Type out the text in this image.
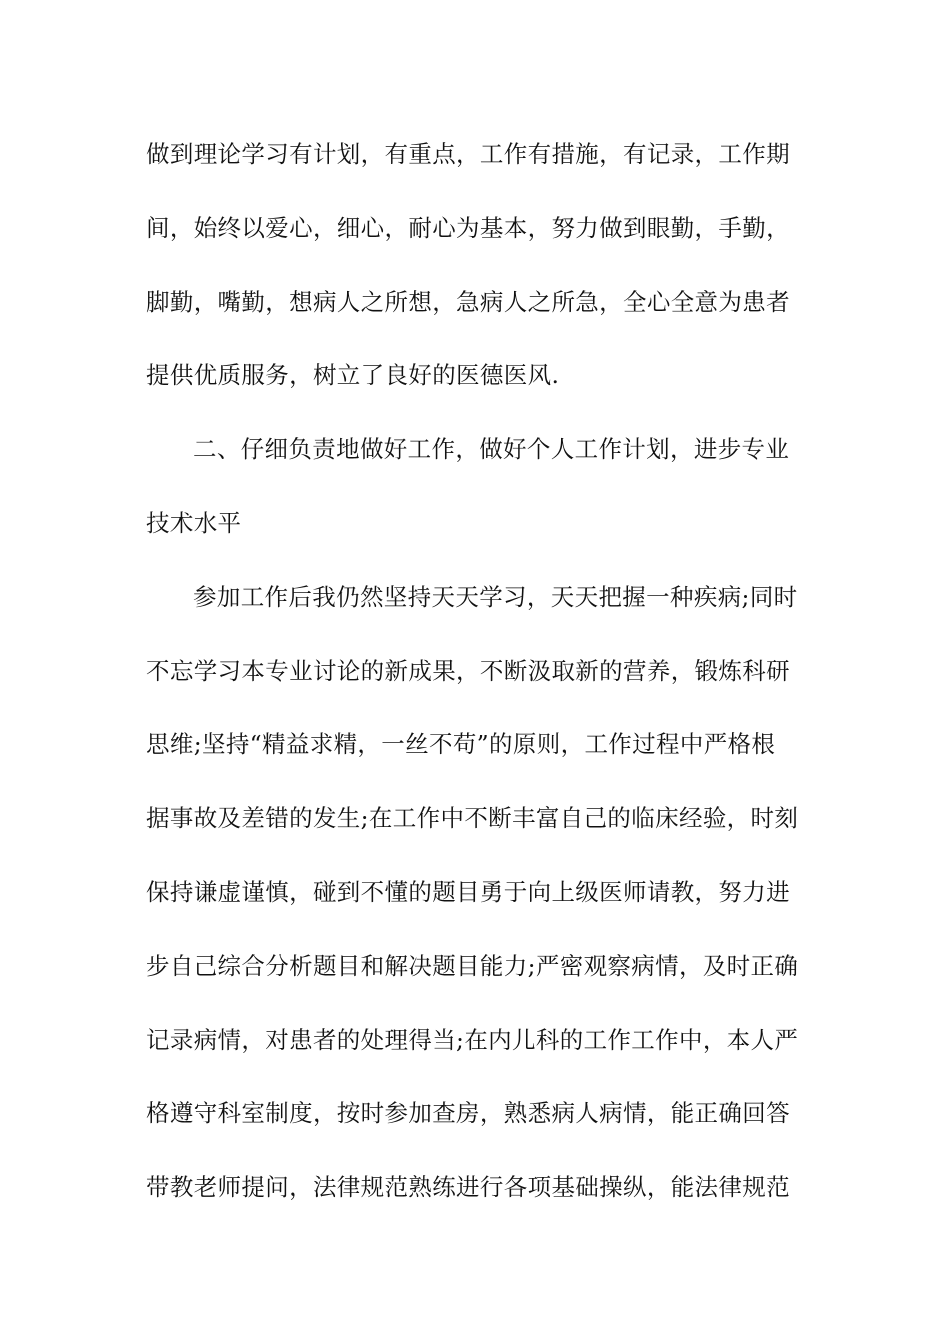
做到理论学习有计划，有重点，工作有措施，有记录，工作期
间，始终以爱心，细心，耐心为基本，努力做到眼勤，手勤，
脚勤，嘴勤，想病人之所想，急病人之所急，全心全意为患者
提供优质服务，树立了良好的医德医风.
二、仔细负责地做好工作，做好个人工作计划，进步专业
技术水平
参加工作后我仍然坚持天天学习，天天把握一种疾病;同时
不忘学习本专业讨论的新成果，不断汲取新的营养，锻炼科研
思维;坚持“精益求精，一丝不苟”的原则，工作过程中严格根
据事故及差错的发生;在工作中不断丰富自己的临床经验，时刻
保持谦虚谨慎，碰到不懂的题目勇于向上级医师请教，努力进
步自己综合分析题目和解决题目能力;严密观察病情，及时正确
记录病情，对患者的处理得当;在内儿科的工作工作中，本人严
格遵守科室制度，按时参加查房，熟悉病人病情，能正确回答
带教老师提问，法律规范熟练进行各项基础操纵，能法律规范
